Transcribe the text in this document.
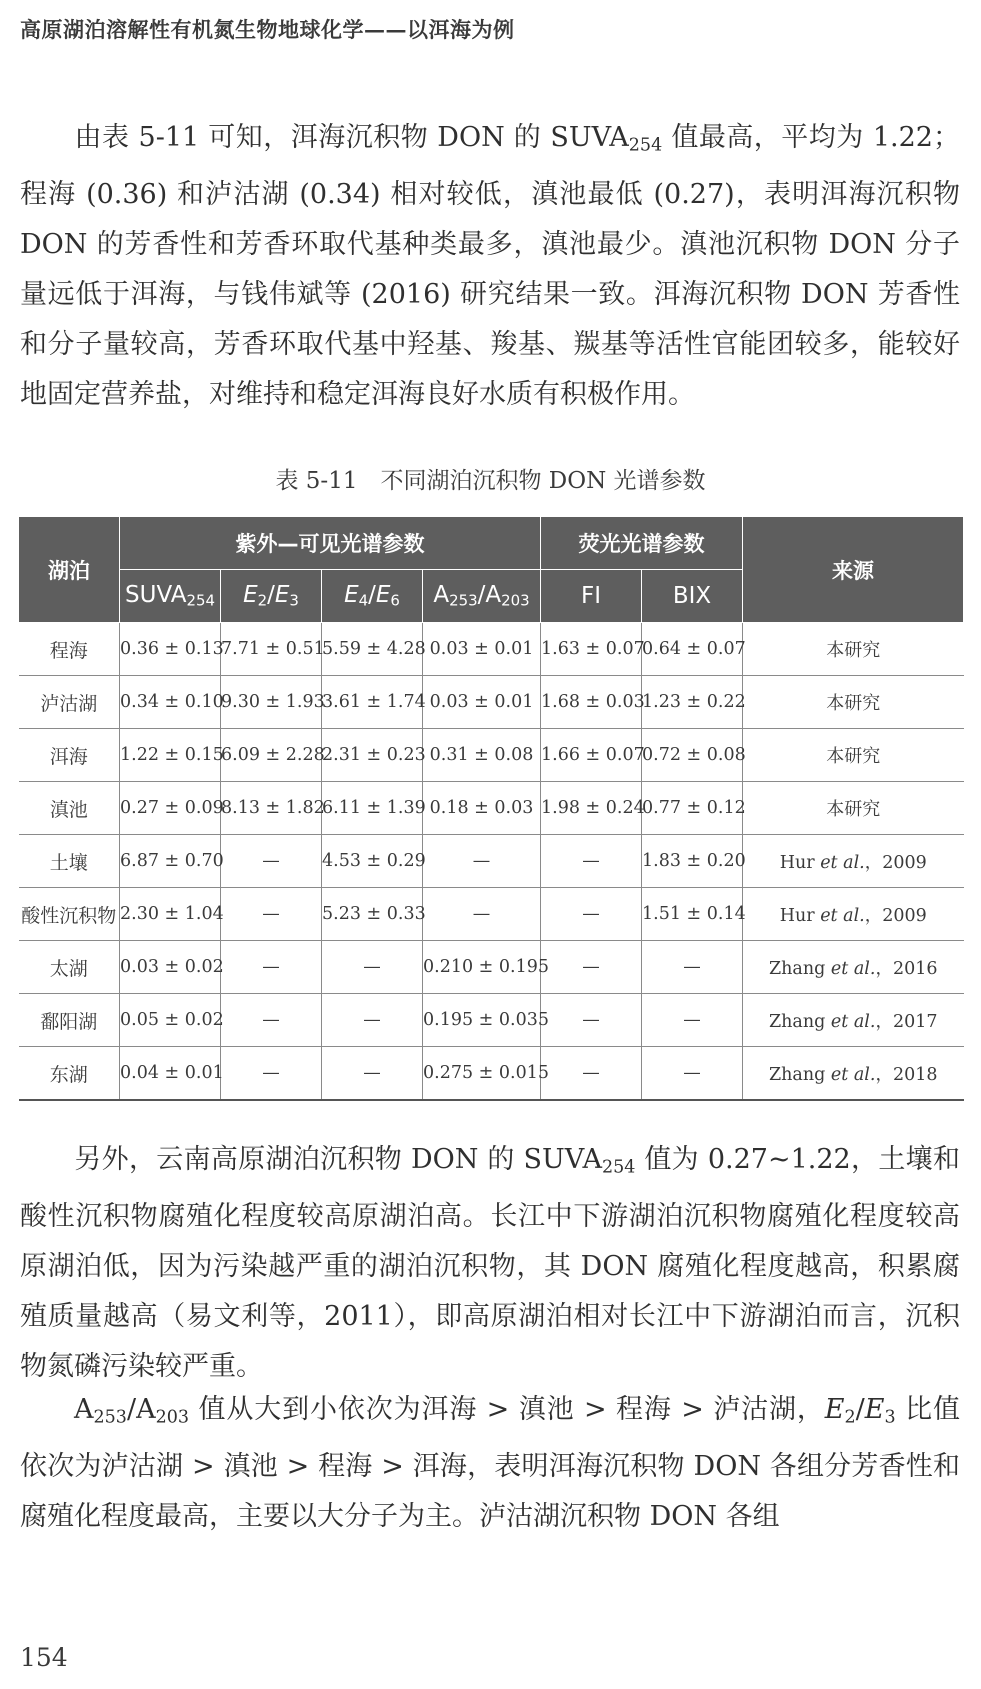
高原湖泊溶解性有机氮生物地球化学——以洱海为例

由表 5-11 可知，洱海沉积物 DON 的 $SUVA_{254}$ 值最高，平均为 1.22；程海 (0.36) 和泸沽湖 (0.34) 相对较低，滇池最低 (0.27)，表明洱海沉积物 DON 的芳香性和芳香环取代基种类最多，滇池最少。滇池沉积物 DON 分子量远低于洱海，与钱伟斌等 (2016) 研究结果一致。洱海沉积物 DON 芳香性和分子量较高，芳香环取代基中羟基、羧基、羰基等活性官能团较多，能较好地固定营养盐，对维持和稳定洱海良好水质有积极作用。

表 5-11　不同湖泊沉积物 DON 光谱参数
湖泊	紫外—可见光谱参数				荧光光谱参数		来源
	$SUVA_{254}$	$E_2/E_3$	$E_4/E_6$	$A_{253}/A_{203}$	FI	BIX	
程海	0.36 ± 0.13	7.71 ± 0.51	5.59 ± 4.28	0.03 ± 0.01	1.63 ± 0.07	0.64 ± 0.07	本研究
泸沽湖	0.34 ± 0.10	9.30 ± 1.93	3.61 ± 1.74	0.03 ± 0.01	1.68 ± 0.03	1.23 ± 0.22	本研究
洱海	1.22 ± 0.15	6.09 ± 2.28	2.31 ± 0.23	0.31 ± 0.08	1.66 ± 0.07	0.72 ± 0.08	本研究
滇池	0.27 ± 0.09	8.13 ± 1.82	6.11 ± 1.39	0.18 ± 0.03	1.98 ± 0.24	0.77 ± 0.12	本研究
土壤	6.87 ± 0.70	—	4.53 ± 0.29	—	—	1.83 ± 0.20	Hur et al.，2009
酸性沉积物	2.30 ± 1.04	—	5.23 ± 0.33	—	—	1.51 ± 0.14	Hur et al.，2009
太湖	0.03 ± 0.02	—	—	0.210 ± 0.195	—	—	Zhang et al.，2016
鄱阳湖	0.05 ± 0.02	—	—	0.195 ± 0.035	—	—	Zhang et al.，2017
东湖	0.04 ± 0.01	—	—	0.275 ± 0.015	—	—	Zhang et al.，2018

另外，云南高原湖泊沉积物 DON 的 $SUVA_{254}$ 值为 0.27~1.22，土壤和酸性沉积物腐殖化程度较高原湖泊高。长江中下游湖泊沉积物腐殖化程度较高原湖泊低，因为污染越严重的湖泊沉积物，其 DON 腐殖化程度越高，积累腐殖质量越高（易文利等，2011），即高原湖泊相对长江中下游湖泊而言，沉积物氮磷污染较严重。

$A_{253}/A_{203}$ 值从大到小依次为洱海 > 滇池 > 程海 > 泸沽湖，$E_2/E_3$ 比值依次为泸沽湖 > 滇池 > 程海 > 洱海，表明洱海沉积物 DON 各组分芳香性和腐殖化程度最高，主要以大分子为主。泸沽湖沉积物 DON 各组

154
